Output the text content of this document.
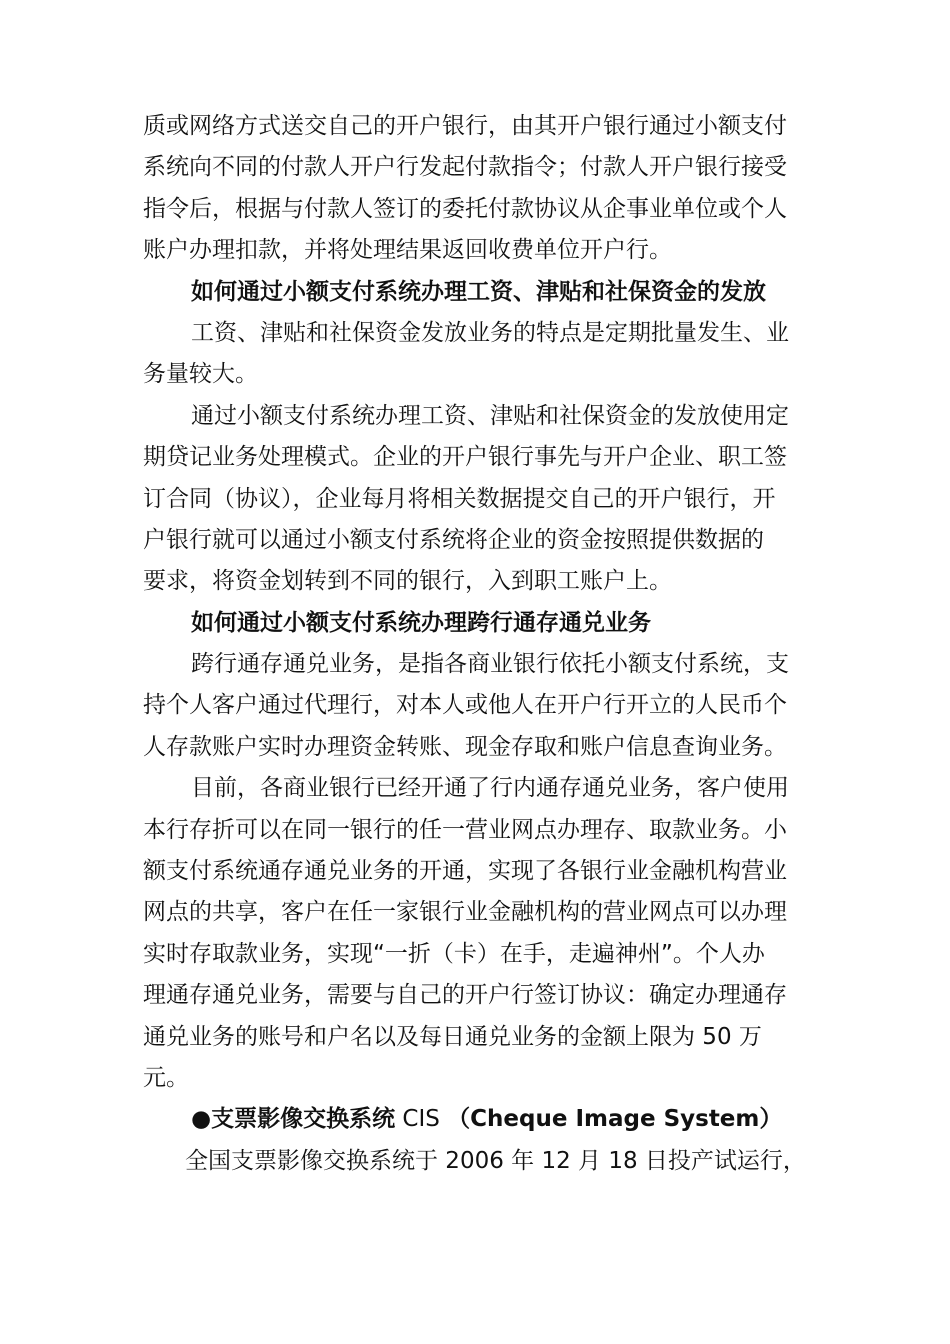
质或网络方式送交自己的开户银行，由其开户银行通过小额支付
系统向不同的付款人开户行发起付款指令；付款人开户银行接受
指令后，根据与付款人签订的委托付款协议从企事业单位或个人
账户办理扣款，并将处理结果返回收费单位开户行。
如何通过小额支付系统办理工资、津贴和社保资金的发放
工资、津贴和社保资金发放业务的特点是定期批量发生、业
务量较大。
通过小额支付系统办理工资、津贴和社保资金的发放使用定
期贷记业务处理模式。企业的开户银行事先与开户企业、职工签
订合同（协议），企业每月将相关数据提交自己的开户银行，开
户银行就可以通过小额支付系统将企业的资金按照提供数据的
要求，将资金划转到不同的银行，入到职工账户上。
如何通过小额支付系统办理跨行通存通兑业务
跨行通存通兑业务，是指各商业银行依托小额支付系统，支
持个人客户通过代理行，对本人或他人在开户行开立的人民币个
人存款账户实时办理资金转账、现金存取和账户信息查询业务。
目前，各商业银行已经开通了行内通存通兑业务，客户使用
本行存折可以在同一银行的任一营业网点办理存、取款业务。小
额支付系统通存通兑业务的开通，实现了各银行业金融机构营业
网点的共享，客户在任一家银行业金融机构的营业网点可以办理
实时存取款业务，实现“一折（卡）在手，走遍神州”。个人办
理通存通兑业务，需要与自己的开户行签订协议：确定办理通存
通兑业务的账号和户名以及每日通兑业务的金额上限为 50 万
元。
●支票影像交换系统 CIS （Cheque Image System）
全国支票影像交换系统于 2006 年 12 月 18 日投产试运行，
